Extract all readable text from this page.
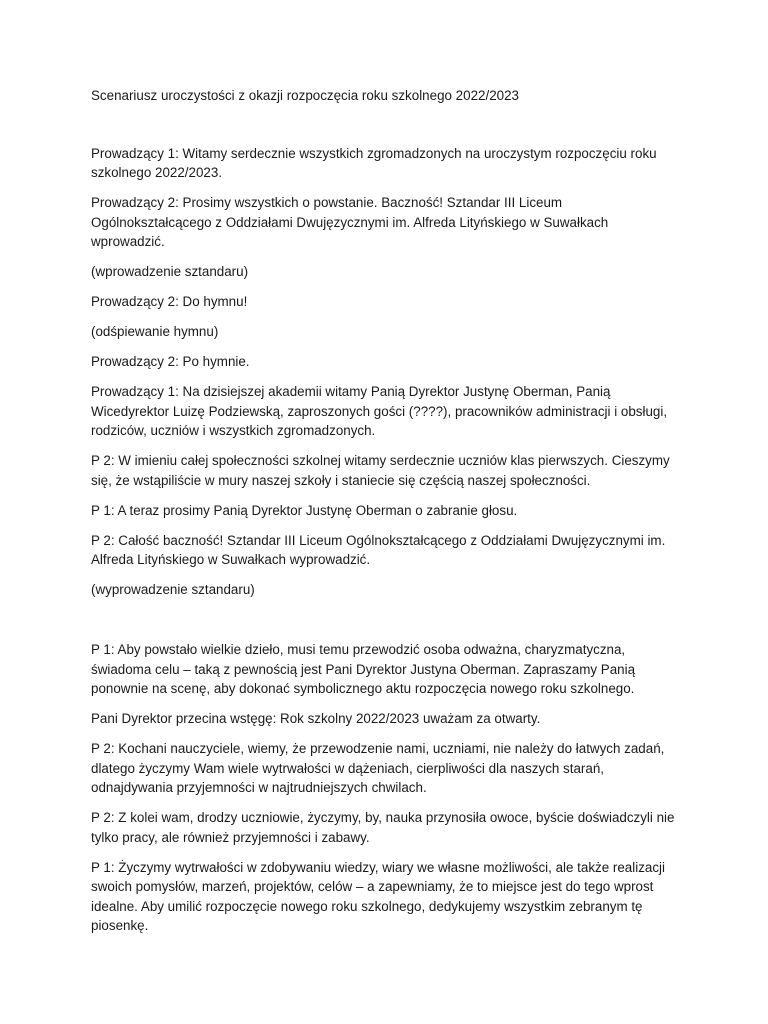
Scenariusz uroczystości z okazji rozpoczęcia roku szkolnego 2022/2023

Prowadzący 1: Witamy serdecznie wszystkich zgromadzonych na uroczystym rozpoczęciu roku szkolnego 2022/2023.

Prowadzący 2: Prosimy wszystkich o powstanie. Baczność! Sztandar III Liceum Ogólnokształcącego z Oddziałami Dwujęzycznymi im. Alfreda Lityńskiego w Suwałkach wprowadzić.

(wprowadzenie sztandaru)

Prowadzący 2: Do hymnu!

(odśpiewanie hymnu)

Prowadzący 2: Po hymnie.

Prowadzący 1: Na dzisiejszej akademii witamy Panią Dyrektor Justynę Oberman, Panią Wicedyrektor Luizę Podziewską, zaproszonych gości (????), pracowników administracji i obsługi, rodziców, uczniów i wszystkich zgromadzonych.

P 2: W imieniu całej społeczności szkolnej witamy serdecznie uczniów klas pierwszych. Cieszymy się, że wstąpiliście w mury naszej szkoły i staniecie się częścią naszej społeczności.

P 1: A teraz prosimy Panią Dyrektor Justynę Oberman o zabranie głosu.

P 2: Całość baczność! Sztandar III Liceum Ogólnokształcącego z Oddziałami Dwujęzycznymi im. Alfreda Lityńskiego w Suwałkach wyprowadzić.

(wyprowadzenie sztandaru)

P 1: Aby powstało wielkie dzieło, musi temu przewodzić osoba odważna, charyzmatyczna, świadoma celu – taką z pewnością jest Pani Dyrektor Justyna Oberman. Zapraszamy Panią ponownie na scenę, aby dokonać symbolicznego aktu rozpoczęcia nowego roku szkolnego.

Pani Dyrektor przecina wstęgę: Rok szkolny 2022/2023 uważam za otwarty.

P 2: Kochani nauczyciele, wiemy, że przewodzenie nami, uczniami, nie należy do łatwych zadań, dlatego życzymy Wam wiele wytrwałości w dążeniach, cierpliwości dla naszych starań, odnajdywania przyjemności w najtrudniejszych chwilach.

P 2: Z kolei wam, drodzy uczniowie, życzymy, by, nauka przynosiła owoce, byście doświadczyli nie tylko pracy, ale również przyjemności i zabawy.

P 1: Życzymy wytrwałości w zdobywaniu wiedzy, wiary we własne możliwości, ale także realizacji swoich pomysłów, marzeń, projektów, celów – a zapewniamy, że to miejsce jest do tego wprost idealne. Aby umilić rozpoczęcie nowego roku szkolnego, dedykujemy wszystkim zebranym tę piosenkę.
